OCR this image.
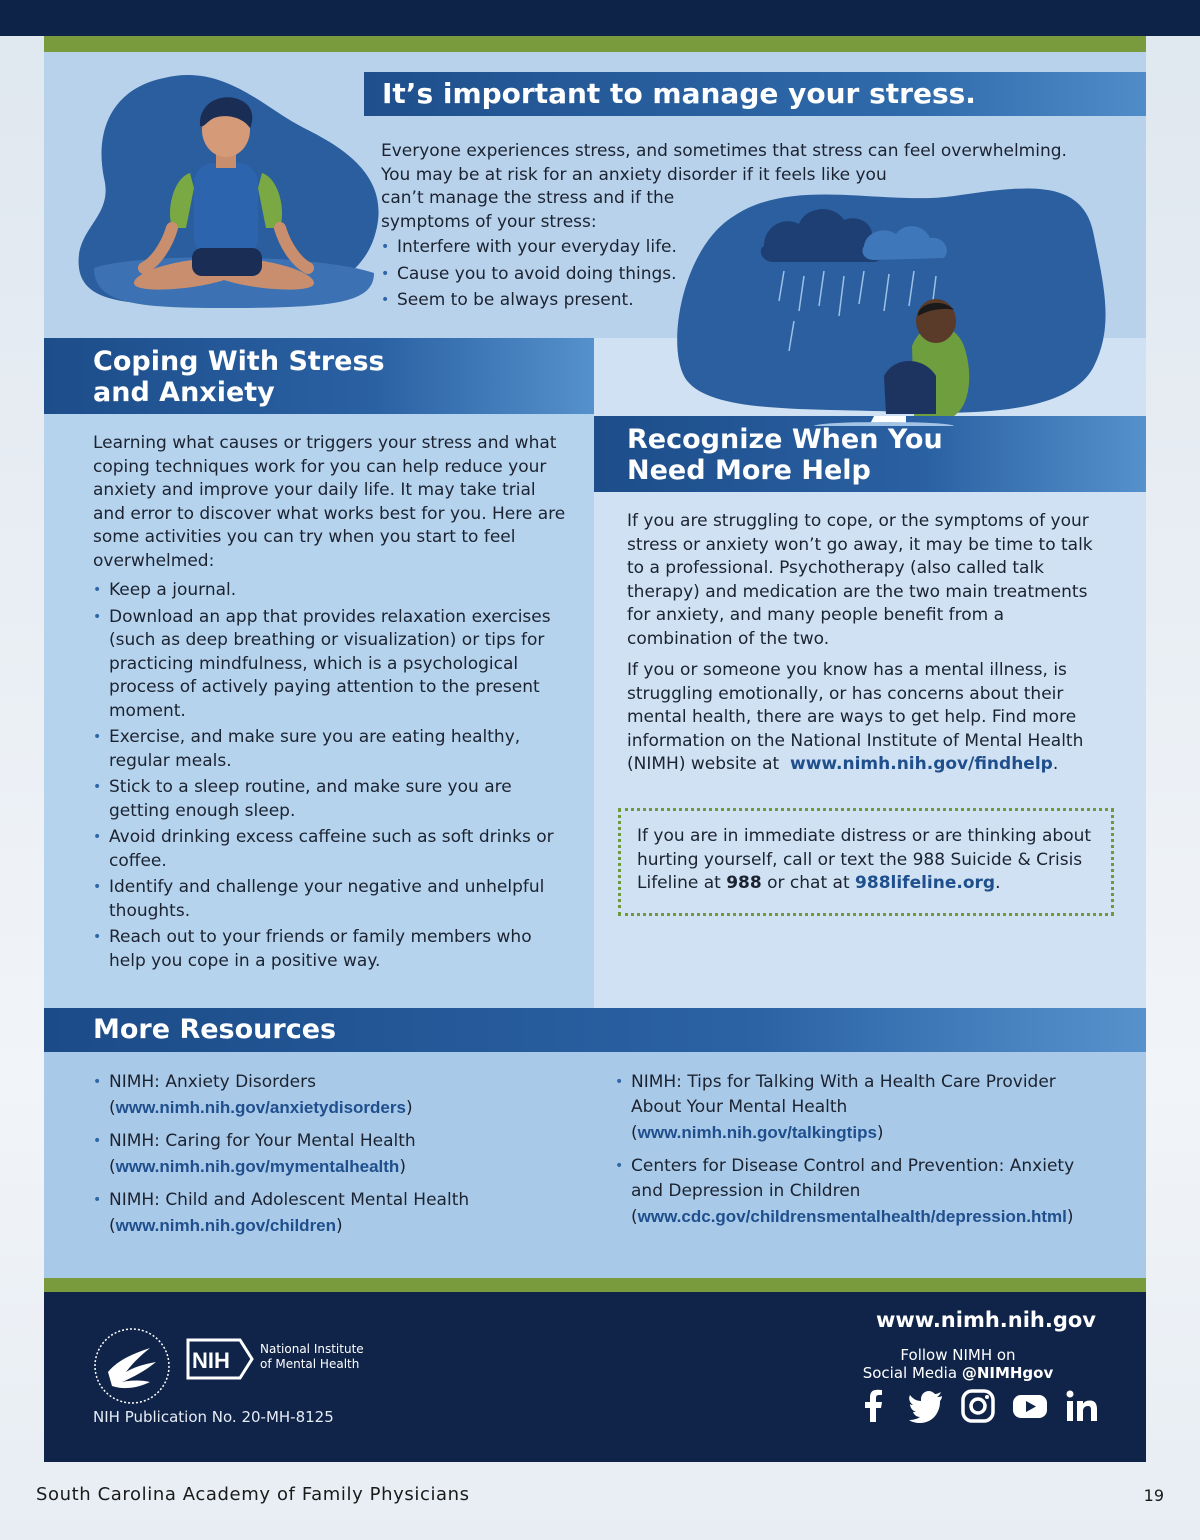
It’s important to manage your stress.

Everyone experiences stress, and sometimes that stress can feel overwhelming. You may be at risk for an anxiety disorder if it feels like you

can’t manage the stress and if the

symptoms of your stress:

• Interfere with your everyday life.
• Cause you to avoid doing things.
• Seem to be always present.
Coping With Stress
and Anxiety

Learning what causes or triggers your stress and what coping techniques work for you can help reduce your anxiety and improve your daily life. It may take trial and error to discover what works best for you. Here are some activities you can try when you start to feel overwhelmed:

• Keep a journal.
• Download an app that provides relaxation exercises (such as deep breathing or visualization) or tips for practicing mindfulness, which is a psychological process of actively paying attention to the present moment.
• Exercise, and make sure you are eating healthy, regular meals.
• Stick to a sleep routine, and make sure you are getting enough sleep.
• Avoid drinking excess caffeine such as soft drinks or coffee.
• Identify and challenge your negative and unhelpful thoughts.
• Reach out to your friends or family members who help you cope in a positive way.
Recognize When You
Need More Help

If you are struggling to cope, or the symptoms of your stress or anxiety won’t go away, it may be time to talk to a professional. Psychotherapy (also called talk therapy) and medication are the two main treatments for anxiety, and many people benefit from a combination of the two.

If you or someone you know has a mental illness, is struggling emotionally, or has concerns about their mental health, there are ways to get help. Find more information on the National Institute of Mental Health (NIMH) website at www.nimh.nih.gov/findhelp.

If you are in immediate distress or are thinking about hurting yourself, call or text the 988 Suicide & Crisis Lifeline at 988 or chat at 988lifeline.org.
More Resources
• NIMH: Anxiety Disorders
(www.nimh.nih.gov/anxietydisorders)
• NIMH: Caring for Your Mental Health
(www.nimh.nih.gov/mymentalhealth)
• NIMH: Child and Adolescent Mental Health
(www.nimh.nih.gov/children)
• NIMH: Tips for Talking With a Health Care Provider About Your Mental Health
(www.nimh.nih.gov/talkingtips)
• Centers for Disease Control and Prevention: Anxiety and Depression in Children
(www.cdc.gov/childrensmentalhealth/depression.html)
NIH	National Institute
of Mental Health
NIH Publication No. 20-MH-8125
www.nimh.nih.gov
Follow NIMH on
Social Media @NIMHgov
South Carolina Academy of Family Physicians	19
